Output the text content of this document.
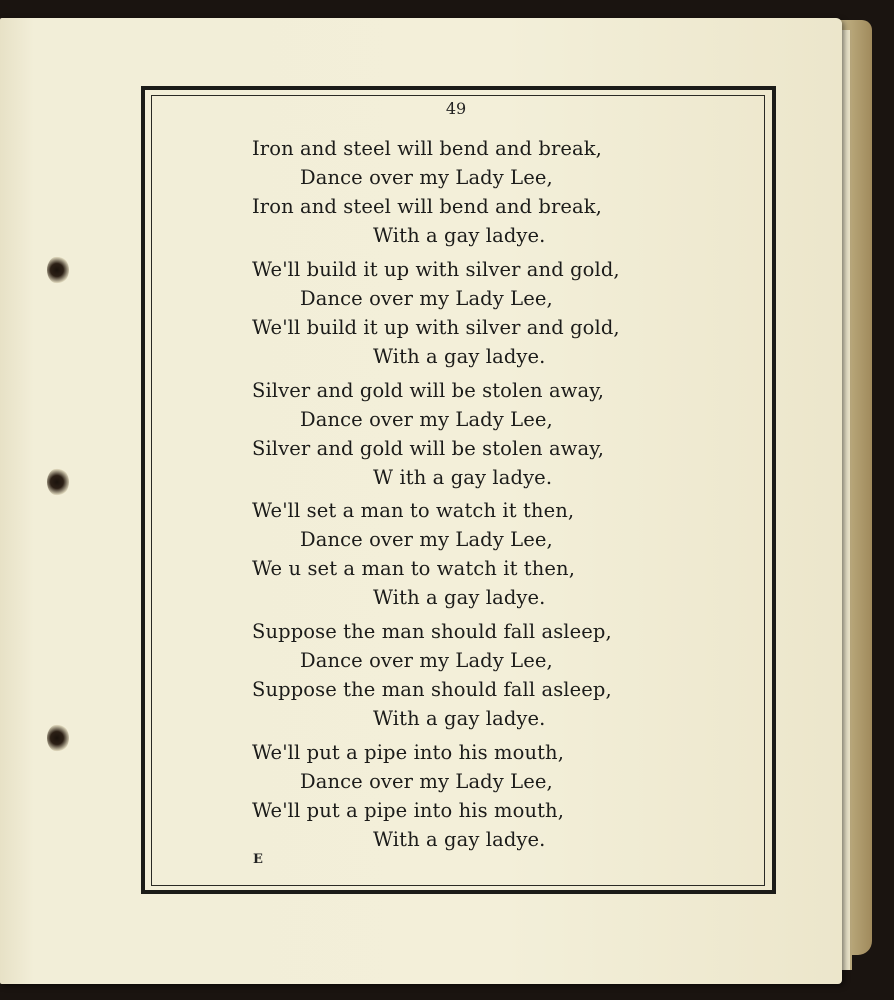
49
Iron and steel will bend and break,
Dance over my Lady Lee,
Iron and steel will bend and break,
With a gay ladye.
We'll build it up with silver and gold,
Dance over my Lady Lee,
We'll build it up with silver and gold,
With a gay ladye.
Silver and gold will be stolen away,
Dance over my Lady Lee,
Silver and gold will be stolen away,
W ith a gay ladye.
We'll set a man to watch it then,
Dance over my Lady Lee,
We u set a man to watch it then,
With a gay ladye.
Suppose the man should fall asleep,
Dance over my Lady Lee,
Suppose the man should fall asleep,
With a gay ladye.
We'll put a pipe into his mouth,
Dance over my Lady Lee,
We'll put a pipe into his mouth,
With a gay ladye.
E
